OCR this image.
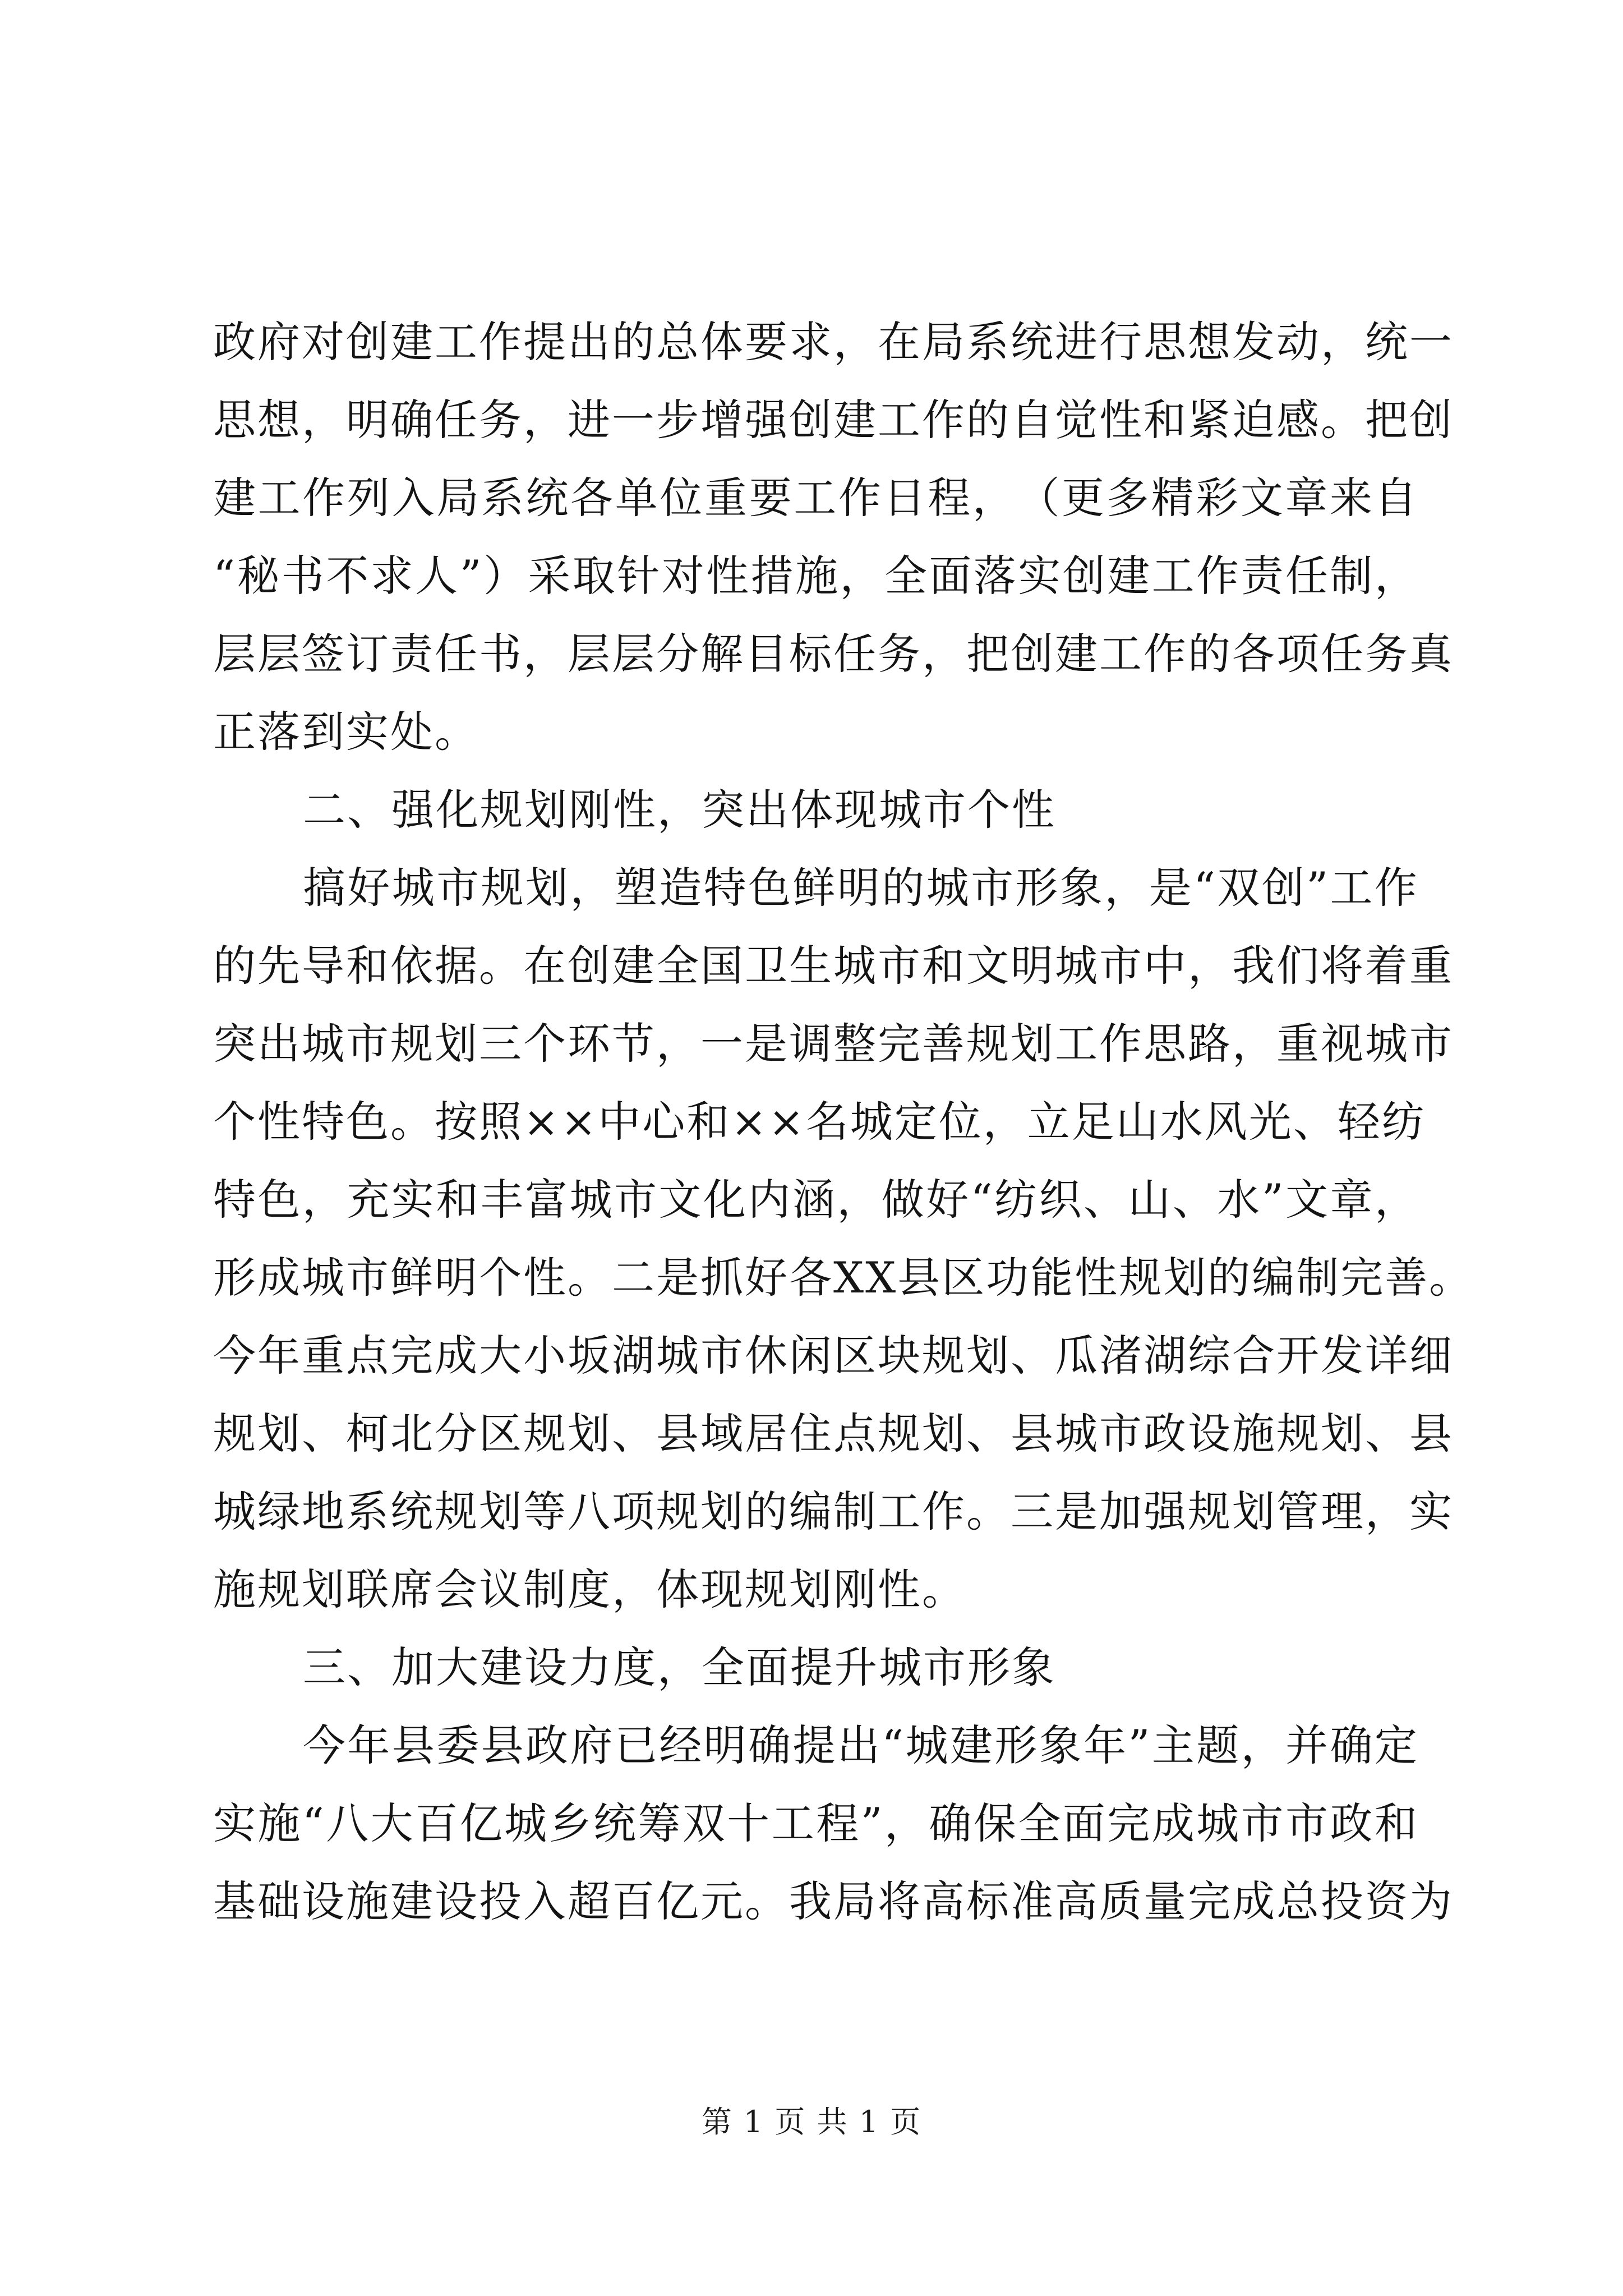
政 府 对 创 建 工 作 提 出 的 总 体 要 求 ， 在 局 系 统 进 行 思 想 发 动 ， 统 一
思 想 ， 明 确 任 务 ， 进 一 步 增 强 创 建 工 作 的 自 觉 性 和 紧 迫 感 。 把 创
建 工 作 列 入 局 系 统 各 单 位 重 要 工 作 日 程 ， （ 更 多 精 彩 文 章 来 自
“ 秘 书 不 求 人 ” ） 采 取 针 对 性 措 施 ， 全 面 落 实 创 建 工 作 责 任 制 ，
层 层 签 订 责 任 书 ， 层 层 分 解 目 标 任 务 ， 把 创 建 工 作 的 各 项 任 务 真
正落到实处。
二、强化规划刚性，突出体现城市个性
搞 好 城 市 规 划 ， 塑 造 特 色 鲜 明 的 城 市 形 象 ， 是 “ 双 创 ” 工 作
的 先 导 和 依 据 。 在 创 建 全 国 卫 生 城 市 和 文 明 城 市 中 ， 我 们 将 着 重
突 出 城 市 规 划 三 个 环 节 ， 一 是 调 整 完 善 规 划 工 作 思 路 ， 重 视 城 市
个 性 特 色 。 按 照 × × 中 心 和 × × 名 城 定 位 ， 立 足 山 水 风 光 、 轻 纺
特 色 ， 充 实 和 丰 富 城 市 文 化 内 涵 ， 做 好 “ 纺 织 、 山 、 水 ” 文 章 ，
形成城市鲜明个性。二是抓好各XX县区功能性规划的编制完善。
今 年 重 点 完 成 大 小 坂 湖 城 市 休 闲 区 块 规 划 、 瓜 渚 湖 综 合 开 发 详 细
规 划 、 柯 北 分 区 规 划 、 县 域 居 住 点 规 划 、 县 城 市 政 设 施 规 划 、 县
城 绿 地 系 统 规 划 等 八 项 规 划 的 编 制 工 作 。 三 是 加 强 规 划 管 理 ， 实
施规划联席会议制度，体现规划刚性。
三、加大建设力度，全面提升城市形象
今 年 县 委 县 政 府 已 经 明 确 提 出 “ 城 建 形 象 年 ” 主 题 ， 并 确 定
实 施 “ 八 大 百 亿 城 乡 统 筹 双 十 工 程 ” ， 确 保 全 面 完 成 城 市 市 政 和
基 础 设 施 建 设 投 入 超 百 亿 元 。 我 局 将 高 标 准 高 质 量 完 成 总 投 资 为
第 1 页 共 1 页
